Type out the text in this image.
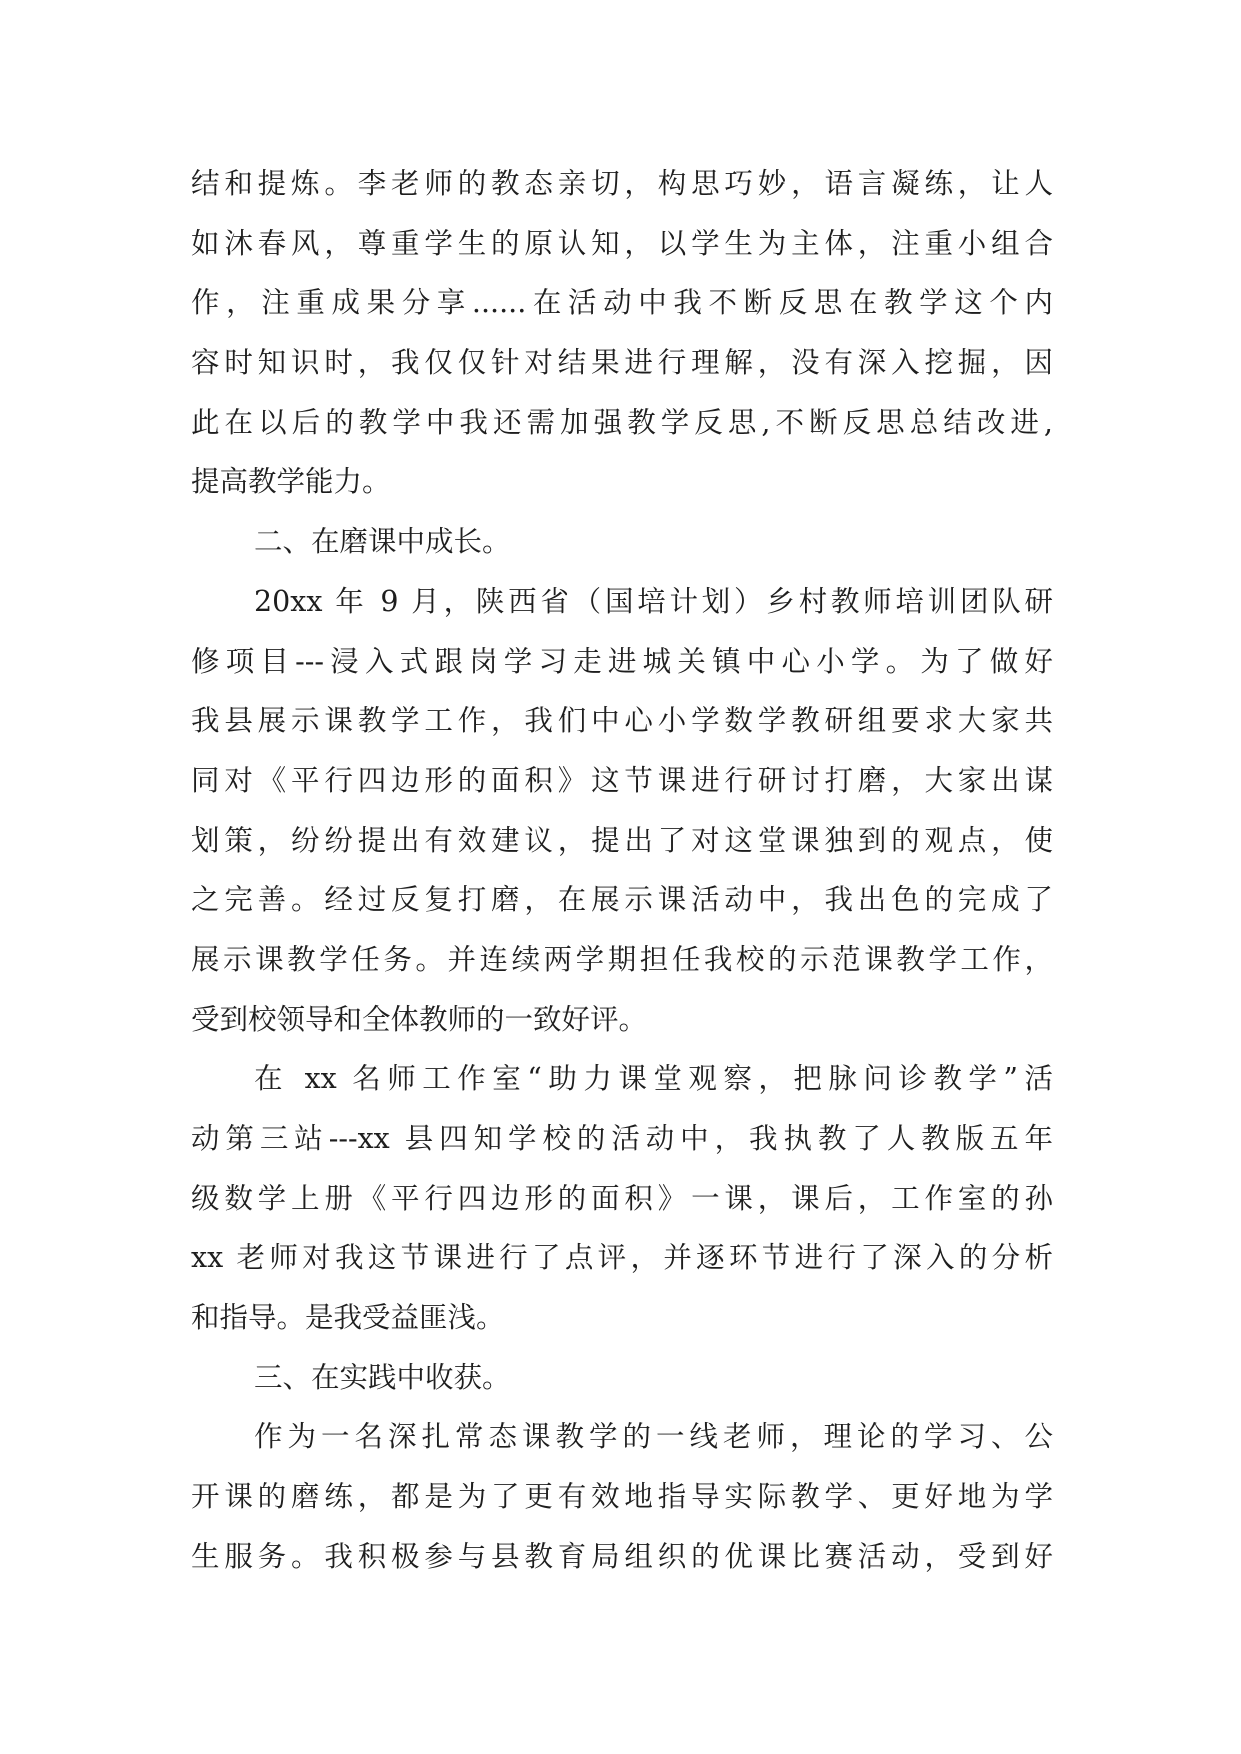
结和提炼。李老师的教态亲切，构思巧妙，语言凝练，让人
如沐春风，尊重学生的原认知，以学生为主体，注重小组合
作，注重成果分享......在活动中我不断反思在教学这个内
容时知识时，我仅仅针对结果进行理解，没有深入挖掘，因
此在以后的教学中我还需加强教学反思,不断反思总结改进,
提高教学能力。
二、在磨课中成长。
20xx 年 9 月，陕西省（国培计划）乡村教师培训团队研
修项目---浸入式跟岗学习走进城关镇中心小学。为了做好
我县展示课教学工作，我们中心小学数学教研组要求大家共
同对《平行四边形的面积》这节课进行研讨打磨，大家出谋
划策，纷纷提出有效建议，提出了对这堂课独到的观点，使
之完善。经过反复打磨，在展示课活动中，我出色的完成了
展示课教学任务。并连续两学期担任我校的示范课教学工作，
受到校领导和全体教师的一致好评。
在 xx 名师工作室“助力课堂观察，把脉问诊教学”活
动第三站---xx 县四知学校的活动中，我执教了人教版五年
级数学上册《平行四边形的面积》一课，课后，工作室的孙
xx 老师对我这节课进行了点评，并逐环节进行了深入的分析
和指导。是我受益匪浅。
三、在实践中收获。
作为一名深扎常态课教学的一线老师，理论的学习、公
开课的磨练，都是为了更有效地指导实际教学、更好地为学
生服务。我积极参与县教育局组织的优课比赛活动，受到好
